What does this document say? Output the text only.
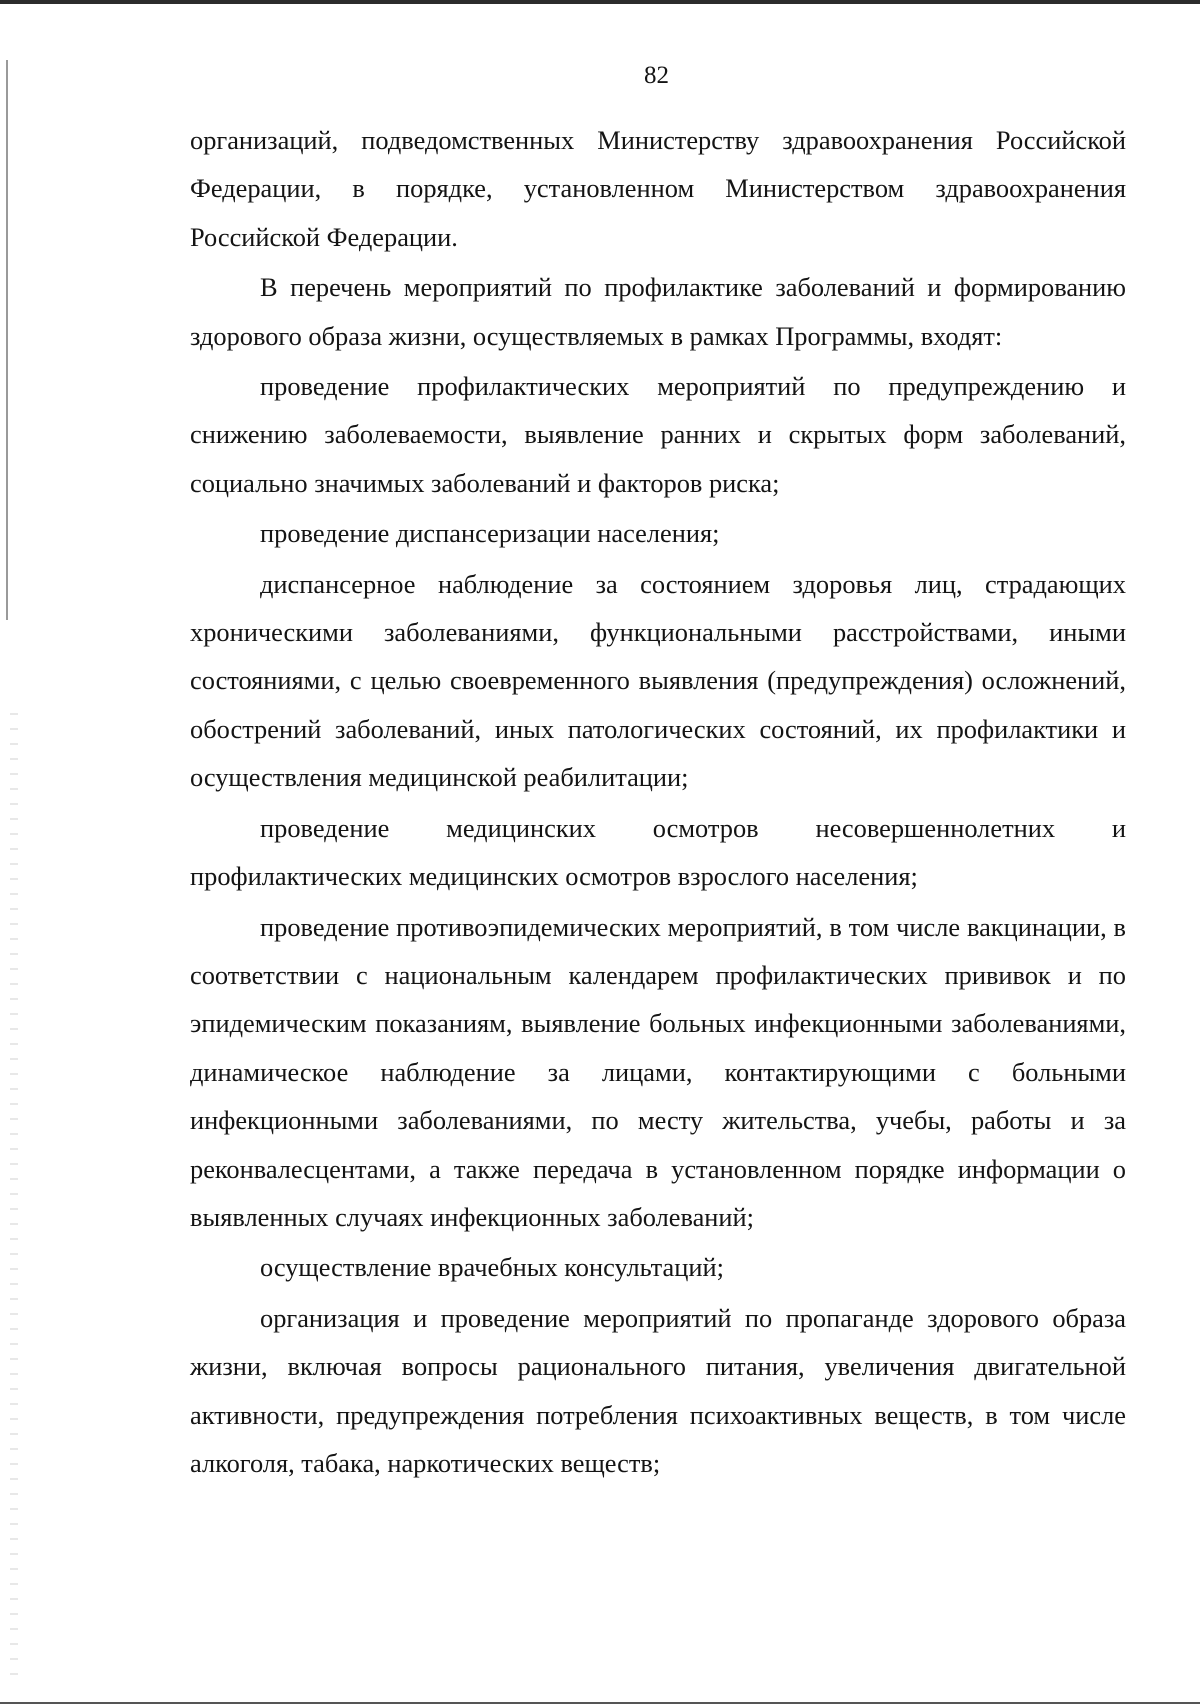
82

организаций, подведомственных Министерству здравоохранения Российской Федерации, в порядке, установленном Министерством здравоохранения Российской Федерации.

В перечень мероприятий по профилактике заболеваний и формированию здорового образа жизни, осуществляемых в рамках Программы, входят:

проведение профилактических мероприятий по предупреждению и снижению заболеваемости, выявление ранних и скрытых форм заболеваний, социально значимых заболеваний и факторов риска;

проведение диспансеризации населения;

диспансерное наблюдение за состоянием здоровья лиц, страдающих хроническими заболеваниями, функциональными расстройствами, иными состояниями, с целью своевременного выявления (предупреждения) осложнений, обострений заболеваний, иных патологических состояний, их профилактики и осуществления медицинской реабилитации;

проведение медицинских осмотров несовершеннолетних и профилактических медицинских осмотров взрослого населения;

проведение противоэпидемических мероприятий, в том числе вакцинации, в соответствии с национальным календарем профилактических прививок и по эпидемическим показаниям, выявление больных инфекционными заболеваниями, динамическое наблюдение за лицами, контактирующими с больными инфекционными заболеваниями, по месту жительства, учебы, работы и за реконвалесцентами, а также передача в установленном порядке информации о выявленных случаях инфекционных заболеваний;

осуществление врачебных консультаций;

организация и проведение мероприятий по пропаганде здорового образа жизни, включая вопросы рационального питания, увеличения двигательной активности, предупреждения потребления психоактивных веществ, в том числе алкоголя, табака, наркотических веществ;
